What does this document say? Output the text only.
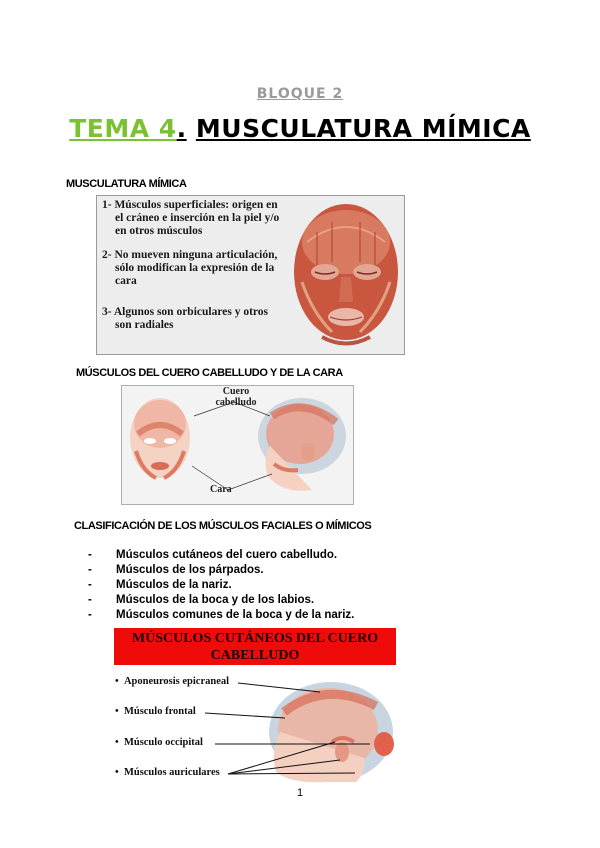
BLOQUE 2
TEMA 4. MUSCULATURA MÍMICA
MUSCULATURA MÍMICA
1- Músculos superficiales: origen en
el cráneo e inserción en la piel y/o
en otros músculos
2- No mueven ninguna articulación,
sólo modifican la expresión de la
cara
3- Algunos son orbiculares y otros
son radiales
MÚSCULOS DEL CUERO CABELLUDO Y DE LA CARA
Cuero
cabelludo
Cara
CLASIFICACIÓN DE LOS MÚSCULOS FACIALES O MÍMICOS
- Músculos cutáneos del cuero cabelludo.
- Músculos de los párpados.
- Músculos de la nariz.
- Músculos de la boca y de los labios.
- Músculos comunes de la boca y de la nariz.
MÚSCULOS CUTÁNEOS DEL CUERO
CABELLUDO
• Aponeurosis epicraneal
• Músculo frontal
• Músculo occipital
• Músculos auriculares
1
